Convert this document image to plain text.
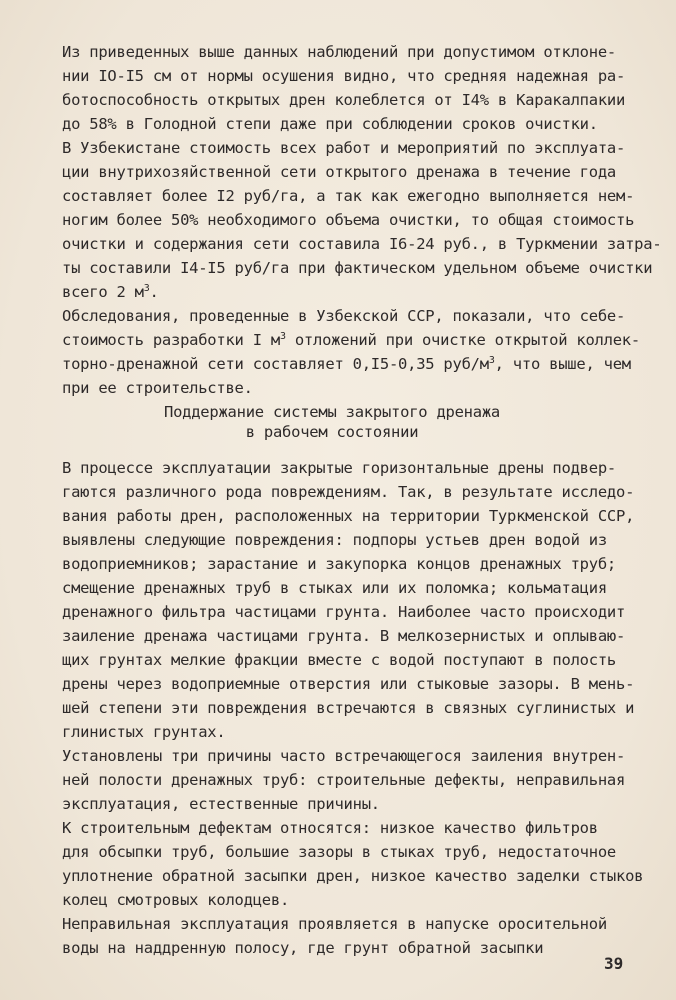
Из приведенных выше данных наблюдений при допустимом отклоне-
нии IO-I5 см от нормы осушения видно, что средняя надежная ра-
ботоспособность открытых дрен колеблется от I4% в Каракалпакии
до 58% в Голодной степи даже при соблюдении сроков очистки.
В Узбекистане стоимость всех работ и мероприятий по эксплуата-
ции внутрихозяйственной сети открытого дренажа в течение года
составляет более I2 руб/га, а так как ежегодно выполняется нем-
ногим более 50% необходимого объема очистки, то общая стоимость
очистки и содержания сети составила I6-24 руб., в Туркмении затра-
ты составили I4-I5 руб/га при фактическом удельном объеме очистки
всего 2 $м^3$.
Обследования, проведенные в Узбекской ССР, показали, что себе-
стоимость разработки I $м^3$ отложений при очистке открытой коллек-
торно-дренажной сети составляет 0,I5-0,35 руб/$м^3$, что выше, чем
при ее строительстве.
Поддержание системы закрытого дренажа
в рабочем состоянии
В процессе эксплуатации закрытые горизонтальные дрены подвер-
гаются различного рода повреждениям. Так, в результате исследо-
вания работы дрен, расположенных на территории Туркменской ССР,
выявлены следующие повреждения: подпоры устьев дрен водой из
водоприемников; зарастание и закупорка концов дренажных труб;
смещение дренажных труб в стыках или их поломка; кольматация
дренажного фильтра частицами грунта. Наиболее часто происходит
заиление дренажа частицами грунта. В мелкозернистых и оплываю-
щих грунтах мелкие фракции вместе с водой поступают в полость
дрены через водоприемные отверстия или стыковые зазоры. В мень-
шей степени эти повреждения встречаются в связных суглинистых и
глинистых грунтах.
Установлены три причины часто встречающегося заиления внутрен-
ней полости дренажных труб: строительные дефекты, неправильная
эксплуатация, естественные причины.
К строительным дефектам относятся: низкое качество фильтров
для обсыпки труб, большие зазоры в стыках труб, недостаточное
уплотнение обратной засыпки дрен, низкое качество заделки стыков
колец смотровых колодцев.
Неправильная эксплуатация проявляется в напуске оросительной
воды на наддренную полосу, где грунт обратной засыпки
39
